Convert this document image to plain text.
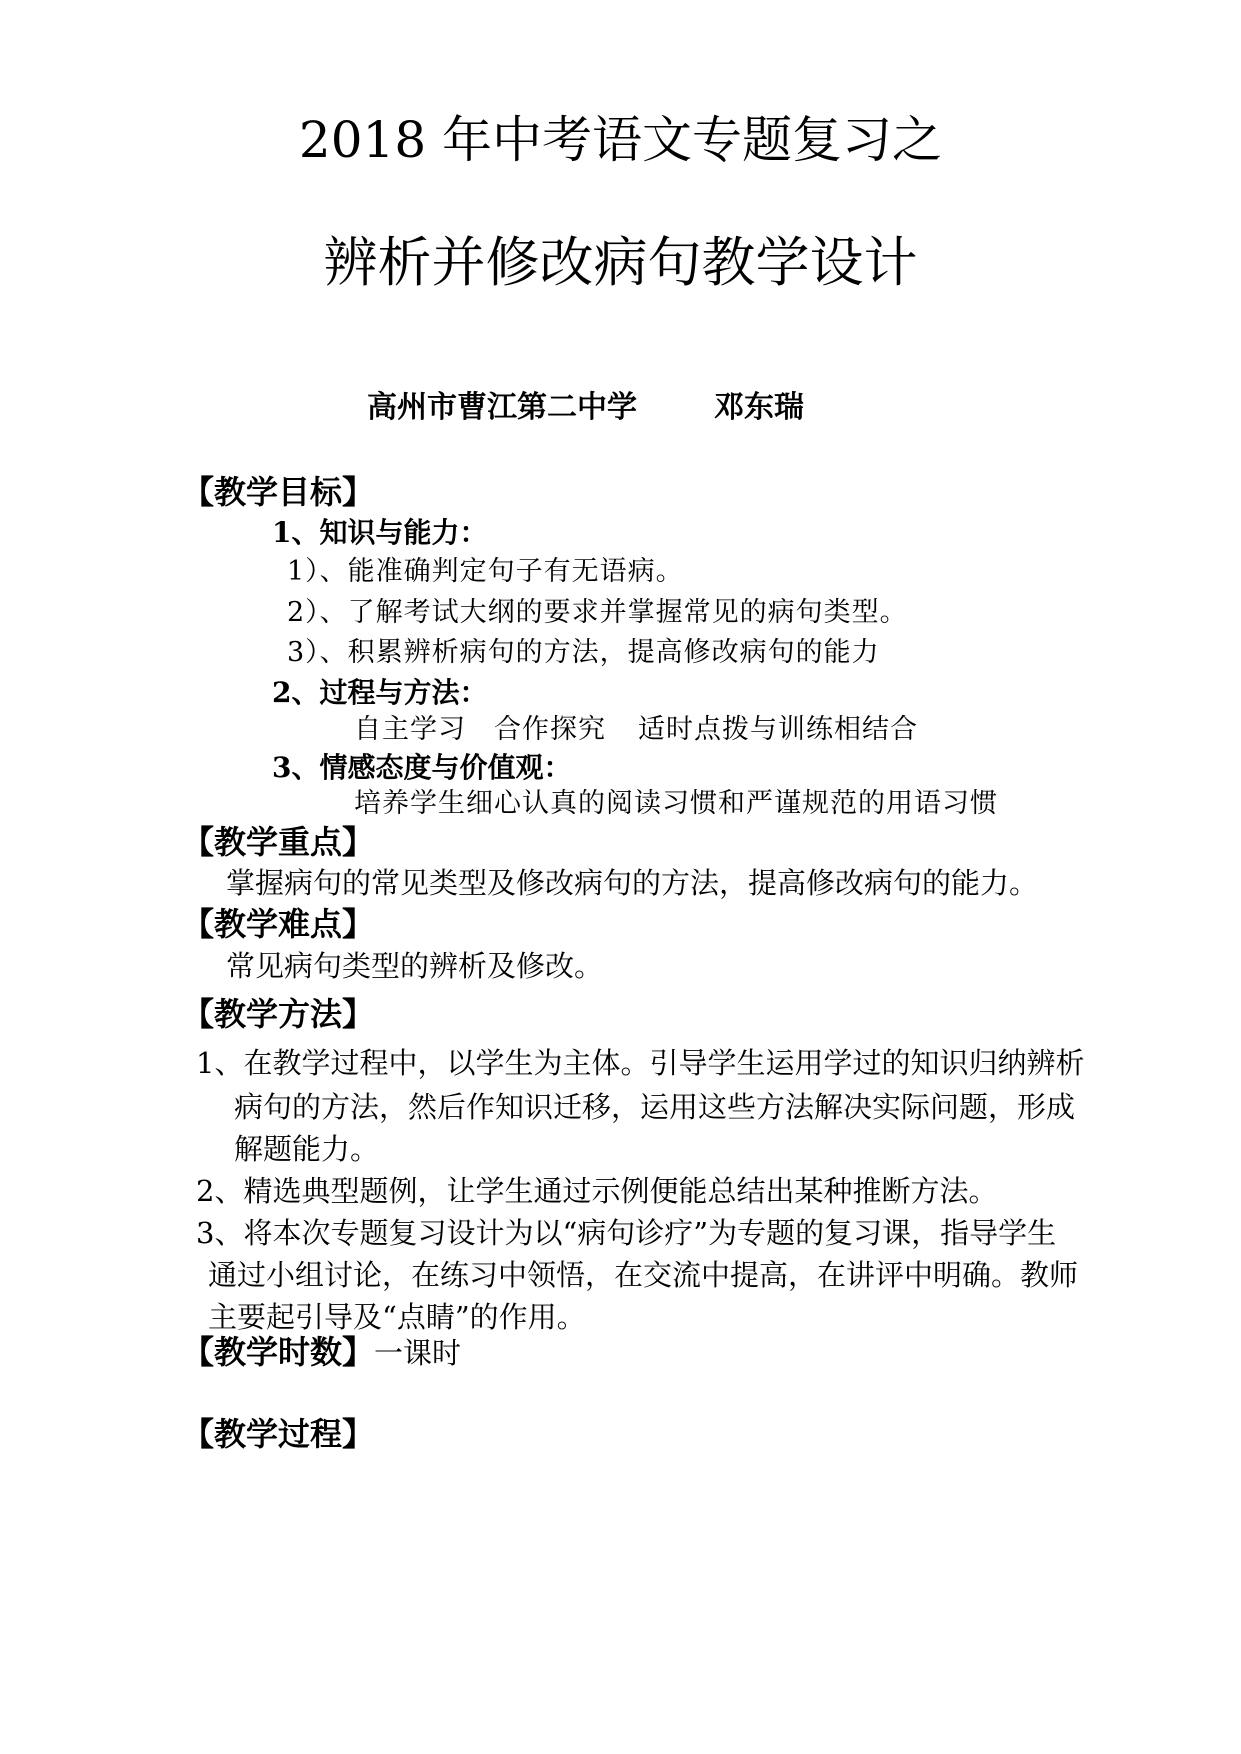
2018 年中考语文专题复习之
辨析并修改病句教学设计
高州市曹江第二中学	邓东瑞
【教学目标】
1、知识与能力：
1）、能准确判定句子有无语病。
2）、了解考试大纲的要求并掌握常见的病句类型。
3）、积累辨析病句的方法，提高修改病句的能力
2、过程与方法：
自主学习 合作探究 适时点拨与训练相结合
3、情感态度与价值观：
培养学生细心认真的阅读习惯和严谨规范的用语习惯
【教学重点】
掌握病句的常见类型及修改病句的方法，提高修改病句的能力。
【教学难点】
常见病句类型的辨析及修改。
【教学方法】
1、在教学过程中，以学生为主体。引导学生运用学过的知识归纳辨析
病句的方法，然后作知识迁移，运用这些方法解决实际问题，形成
解题能力。
2、精选典型题例，让学生通过示例便能总结出某种推断方法。
3、将本次专题复习设计为以“病句诊疗”为专题的复习课，指导学生
通过小组讨论，在练习中领悟，在交流中提高，在讲评中明确。教师
主要起引导及“点睛”的作用。
【教学时数】一课时
【教学过程】
